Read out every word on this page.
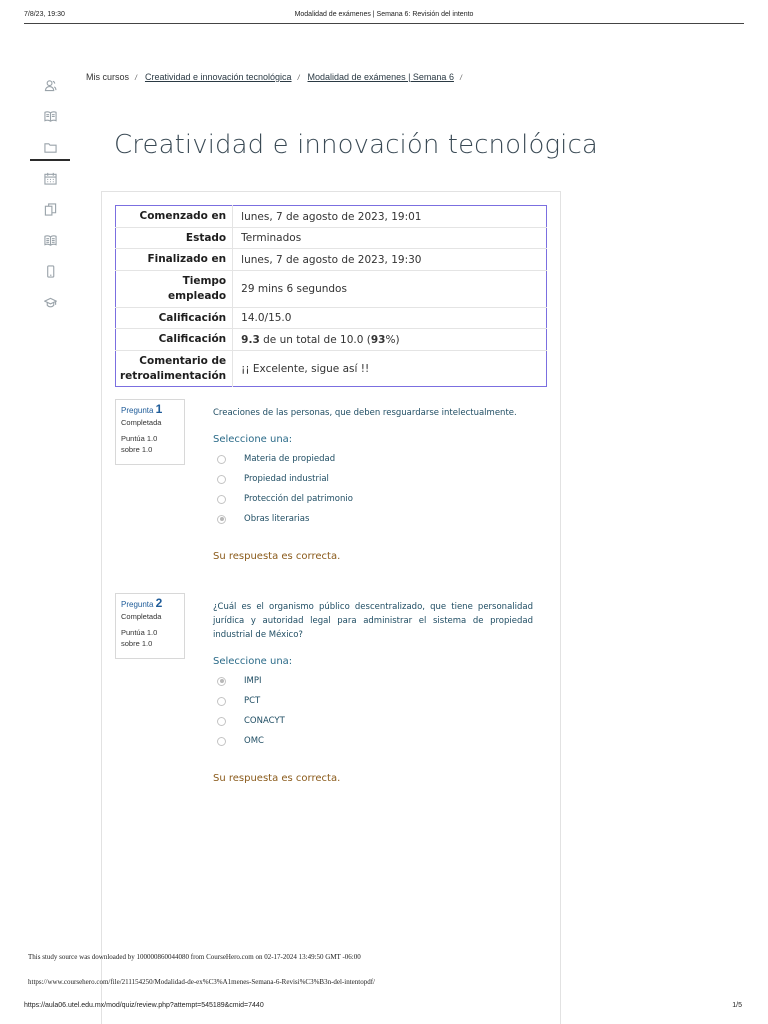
7/8/23, 19:30	Modalidad de exámenes | Semana 6: Revisión del intento
Mis cursos / Creatividad e innovación tecnológica / Modalidad de exámenes | Semana 6 /
Creatividad e innovación tecnológica
Comenzado en	lunes, 7 de agosto de 2023, 19:01
Estado	Terminados
Finalizado en	lunes, 7 de agosto de 2023, 19:30
Tiempo
empleado	29 mins 6 segundos
Calificación	14.0/15.0
Calificación	9.3 de un total de 10.0 (93%)
Comentario de
retroalimentación	¡¡ Excelente, sigue así !!
Pregunta 1
Completada
Puntúa 1.0
sobre 1.0

Creaciones de las personas, que deben resguardarse intelectualmente.

Seleccione una:

Materia de propiedad
Propiedad industrial
Protección del patrimonio
Obras literarias

Su respuesta es correcta.

Pregunta 2
Completada
Puntúa 1.0
sobre 1.0

¿Cuál es el organismo público descentralizado, que tiene personalidad jurídica y autoridad legal para administrar el sistema de propiedad industrial de México?

Seleccione una:

IMPI
PCT
CONACYT
OMC

Su respuesta es correcta.

This study source was downloaded by 100000860044080 from CourseHero.com on 02-17-2024 13:49:50 GMT -06:00
https://www.coursehero.com/file/211154250/Modalidad-de-ex%C3%A1menes-Semana-6-Revisi%C3%B3n-del-intentopdf/
https://aula06.utel.edu.mx/mod/quiz/review.php?attempt=545189&cmid=7440	1/5
